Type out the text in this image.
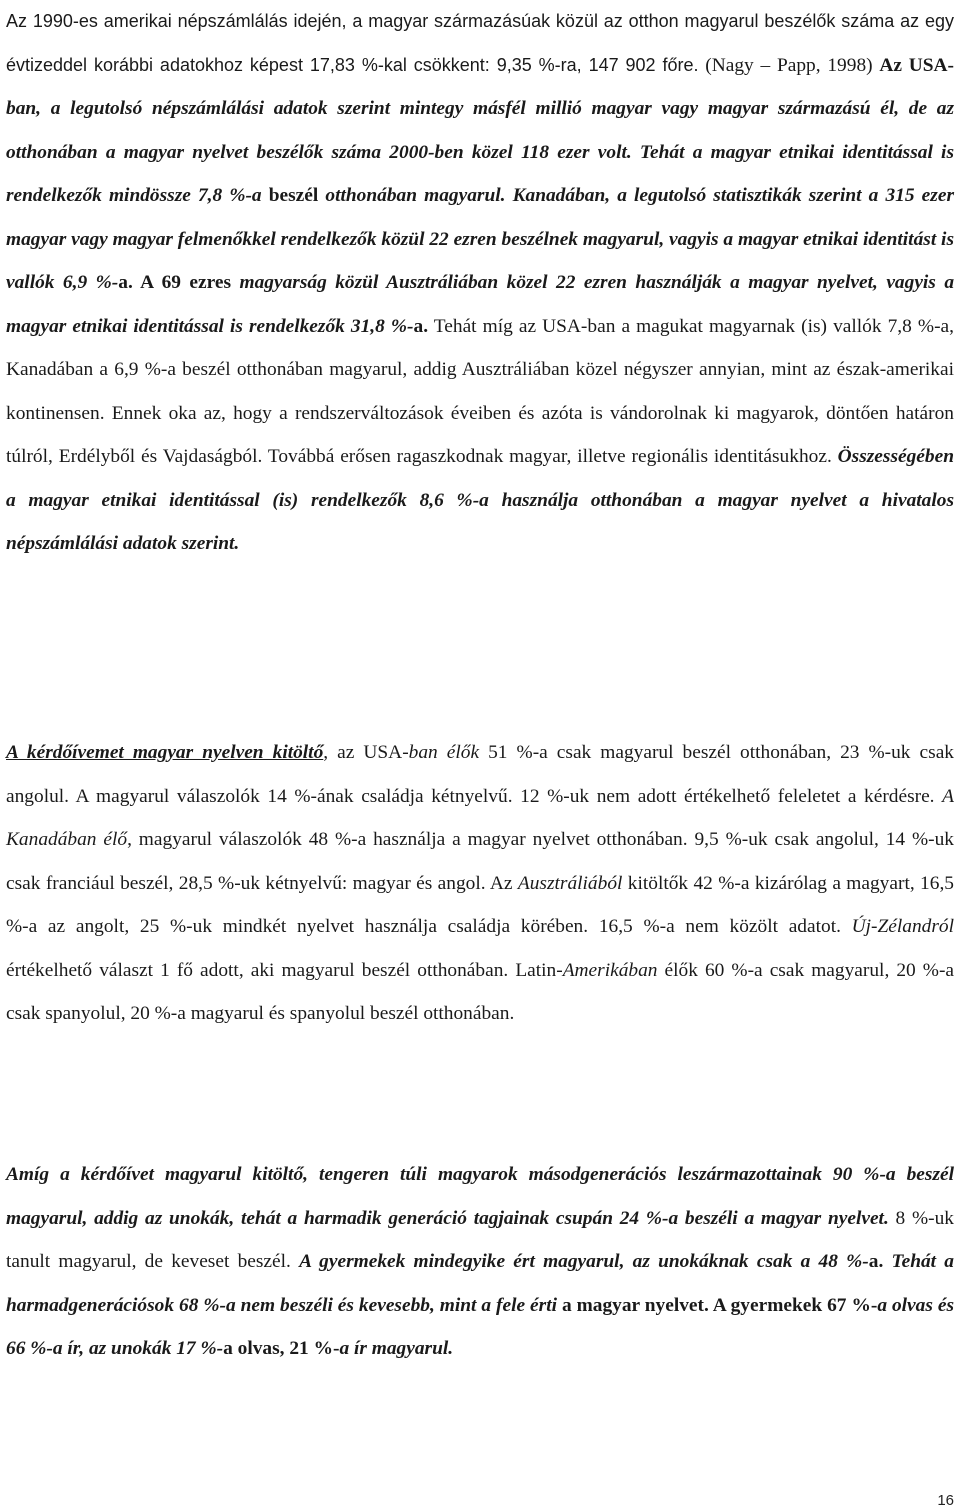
Az 1990-es amerikai népszámlálás idején, a magyar származásúak közül az otthon magyarul beszélők száma az egy évtizeddel korábbi adatokhoz képest 17,83 %-kal csökkent: 9,35 %-ra, 147 902 főre. (Nagy – Papp, 1998) Az USA-ban, a legutolsó népszámlálási adatok szerint mintegy másfél millió magyar vagy magyar származású él, de az otthonában a magyar nyelvet beszélők száma 2000-ben közel 118 ezer volt. Tehát a magyar etnikai identitással is rendelkezők mindössze 7,8 %-a beszél otthonában magyarul. Kanadában, a legutolsó statisztikák szerint a 315 ezer magyar vagy magyar felmenőkkel rendelkezők közül 22 ezren beszélnek magyarul, vagyis a magyar etnikai identitást is vallók 6,9 %-a. A 69 ezres magyarság közül Ausztráliában közel 22 ezren használják a magyar nyelvet, vagyis a magyar etnikai identitással is rendelkezők 31,8 %-a. Tehát míg az USA-ban a magukat magyarnak (is) vallók 7,8 %-a, Kanadában a 6,9 %-a beszél otthonában magyarul, addig Ausztráliában közel négyszer annyian, mint az észak-amerikai kontinensen. Ennek oka az, hogy a rendszerváltozások éveiben és azóta is vándorolnak ki magyarok, döntően határon túlról, Erdélyből és Vajdaságból. Továbbá erősen ragaszkodnak magyar, illetve regionális identitásukhoz. Összességében a magyar etnikai identitással (is) rendelkezők 8,6 %-a használja otthonában a magyar nyelvet a hivatalos népszámlálási adatok szerint.

A kérdőívemet magyar nyelven kitöltő, az USA-ban élők 51 %-a csak magyarul beszél otthonában, 23 %-uk csak angolul. A magyarul válaszolók 14 %-ának családja kétnyelvű. 12 %-uk nem adott értékelhető feleletet a kérdésre. A Kanadában élő, magyarul válaszolók 48 %-a használja a magyar nyelvet otthonában. 9,5 %-uk csak angolul, 14 %-uk csak franciául beszél, 28,5 %-uk kétnyelvű: magyar és angol. Az Ausztráliából kitöltők 42 %-a kizárólag a magyart, 16,5 %-a az angolt, 25 %-uk mindkét nyelvet használja családja körében. 16,5 %-a nem közölt adatot. Új-Zélandról értékelhető választ 1 fő adott, aki magyarul beszél otthonában. Latin-Amerikában élők 60 %-a csak magyarul, 20 %-a csak spanyolul, 20 %-a magyarul és spanyolul beszél otthonában.

Amíg a kérdőívet magyarul kitöltő, tengeren túli magyarok másodgenerációs leszármazottainak 90 %-a beszél magyarul, addig az unokák, tehát a harmadik generáció tagjainak csupán 24 %-a beszéli a magyar nyelvet. 8 %-uk tanult magyarul, de keveset beszél. A gyermekek mindegyike ért magyarul, az unokáknak csak a 48 %-a. Tehát a harmadgenerációsok 68 %-a nem beszéli és kevesebb, mint a fele érti a magyar nyelvet. A gyermekek 67 %-a olvas és 66 %-a ír, az unokák 17 %-a olvas, 21 %-a ír magyarul.

16
